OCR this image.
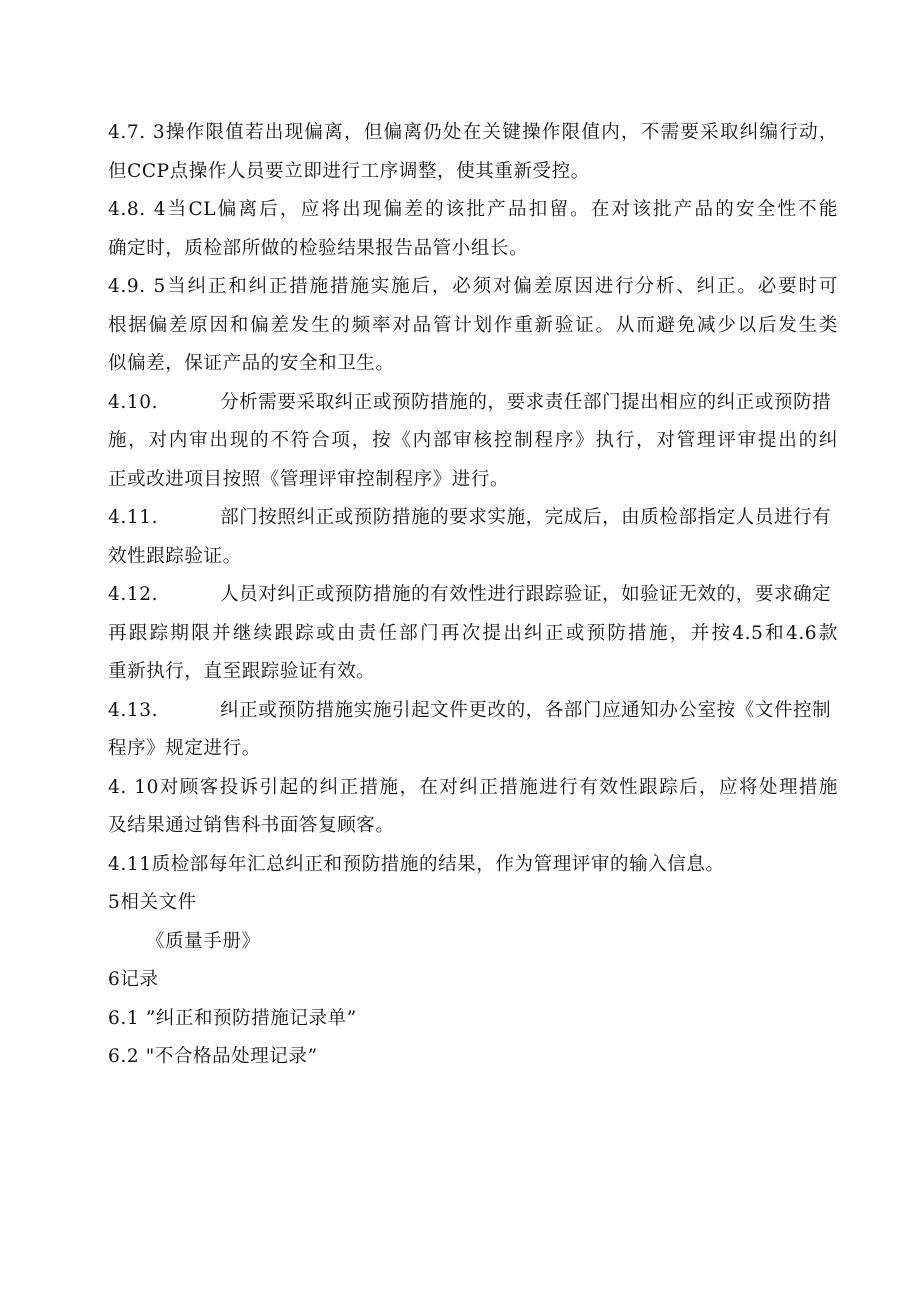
4.7. 3操作限值若出现偏离，但偏离仍处在关键操作限值内，不需要采取纠编行动，
但CCP点操作人员要立即进行工序调整，使其重新受控。
4.8. 4当CL偏离后，应将出现偏差的该批产品扣留。在对该批产品的安全性不能
确定时，质检部所做的检验结果报告品管小组长。
4.9. 5当纠正和纠正措施措施实施后，必须对偏差原因进行分析、纠正。必要时可
根据偏差原因和偏差发生的频率对品管计划作重新验证。从而避免减少以后发生类
似偏差，保证产品的安全和卫生。
4.10.	分析需要采取纠正或预防措施的，要求责任部门提出相应的纠正或预防措
施，对内审出现的不符合项，按《内部审核控制程序》执行，对管理评审提出的纠
正或改进项目按照《管理评审控制程序》进行。
4.11.	部门按照纠正或预防措施的要求实施，完成后，由质检部指定人员进行有
效性跟踪验证。
4.12.	人员对纠正或预防措施的有效性进行跟踪验证，如验证无效的，要求确定
再跟踪期限并继续跟踪或由责任部门再次提出纠正或预防措施，并按4.5和4.6款
重新执行，直至跟踪验证有效。
4.13.	纠正或预防措施实施引起文件更改的，各部门应通知办公室按《文件控制
程序》规定进行。
4. 10对顾客投诉引起的纠正措施，在对纠正措施进行有效性跟踪后，应将处理措施
及结果通过销售科书面答复顾客。
4.11质检部每年汇总纠正和预防措施的结果，作为管理评审的输入信息。
5相关文件
《质量手册》
6记录
6.1 ”纠正和预防措施记录单”
6.2 "不合格品处理记录”
